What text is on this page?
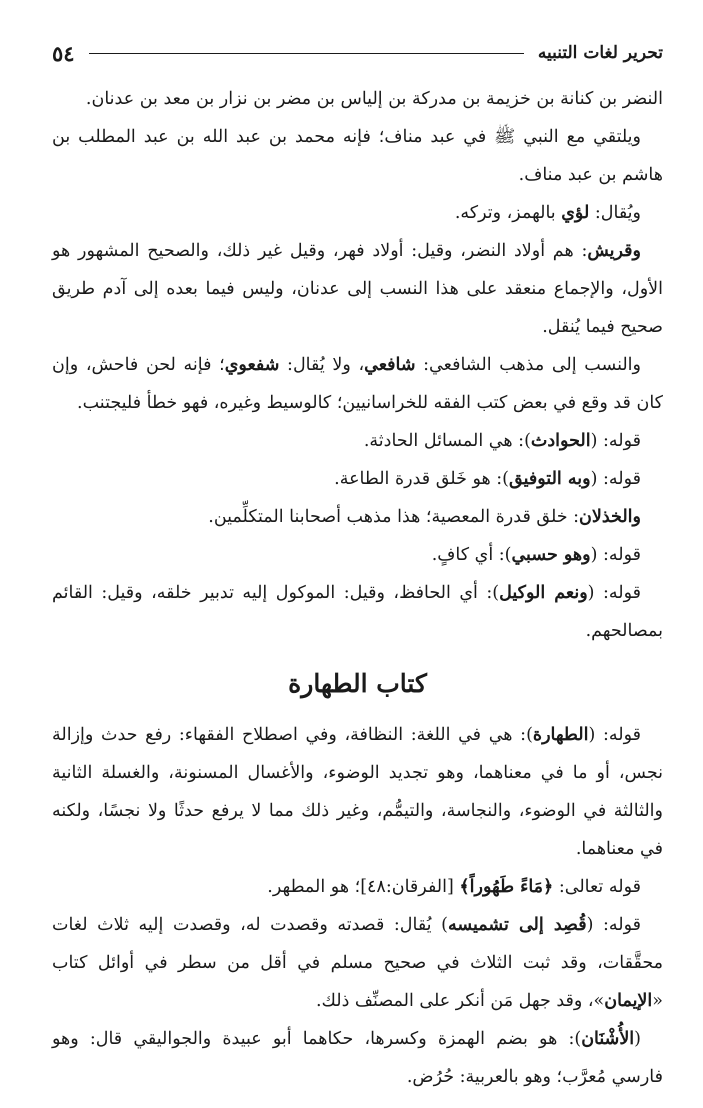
تحرير لغات التنبيه
٥٤

النضر بن كنانة بن خزيمة بن مدركة بن إلياس بن مضر بن نزار بن معد بن عدنان.

ويلتقي مع النبي ﷺ في عبد مناف؛ فإنه محمد بن عبد الله بن عبد المطلب بن هاشم بن عبد مناف.

ويُقال: لؤي بالهمز، وتركه.

وقريش: هم أولاد النضر، وقيل: أولاد فهر، وقيل غير ذلك، والصحيح المشهور هو الأول، والإجماع منعقد على هذا النسب إلى عدنان، وليس فيما بعده إلى آدم طريق صحيح فيما يُنقل.

والنسب إلى مذهب الشافعي: شافعي، ولا يُقال: شفعوي؛ فإنه لحن فاحش، وإن كان قد وقع في بعض كتب الفقه للخراسانيين؛ كالوسيط وغيره، فهو خطأ فليجتنب.

قوله: (الحوادث): هي المسائل الحادثة.

قوله: (وبه التوفيق): هو خَلق قدرة الطاعة.

والخذلان: خلق قدرة المعصية؛ هذا مذهب أصحابنا المتكلِّمين.

قوله: (وهو حسبي): أي كافٍ.

قوله: (ونعم الوكيل): أي الحافظ، وقيل: الموكول إليه تدبير خلقه، وقيل: القائم بمصالحهم.

كتاب الطهارة

قوله: (الطهارة): هي في اللغة: النظافة، وفي اصطلاح الفقهاء: رفع حدث وإزالة نجس، أو ما في معناهما، وهو تجديد الوضوء، والأغسال المسنونة، والغسلة الثانية والثالثة في الوضوء، والنجاسة، والتيمُّم، وغير ذلك مما لا يرفع حدثًا ولا نجسًا، ولكنه في معناهما.

قوله تعالى: ﴿مَاءً طَهُوراً﴾ [الفرقان:٤٨]؛ هو المطهر.

قوله: (قُصِد إلى تشميسه) يُقال: قصدته وقصدت له، وقصدت إليه ثلاث لغات محقَّقات، وقد ثبت الثلاث في صحيح مسلم في أقل من سطر في أوائل كتاب «الإيمان»، وقد جهل مَن أنكر على المصنِّف ذلك.

(الأُشْنَان): هو بضم الهمزة وكسرها، حكاهما أبو عبيدة والجواليقي قال: وهو فارسي مُعرَّب؛ وهو بالعربية: حُرُض.
